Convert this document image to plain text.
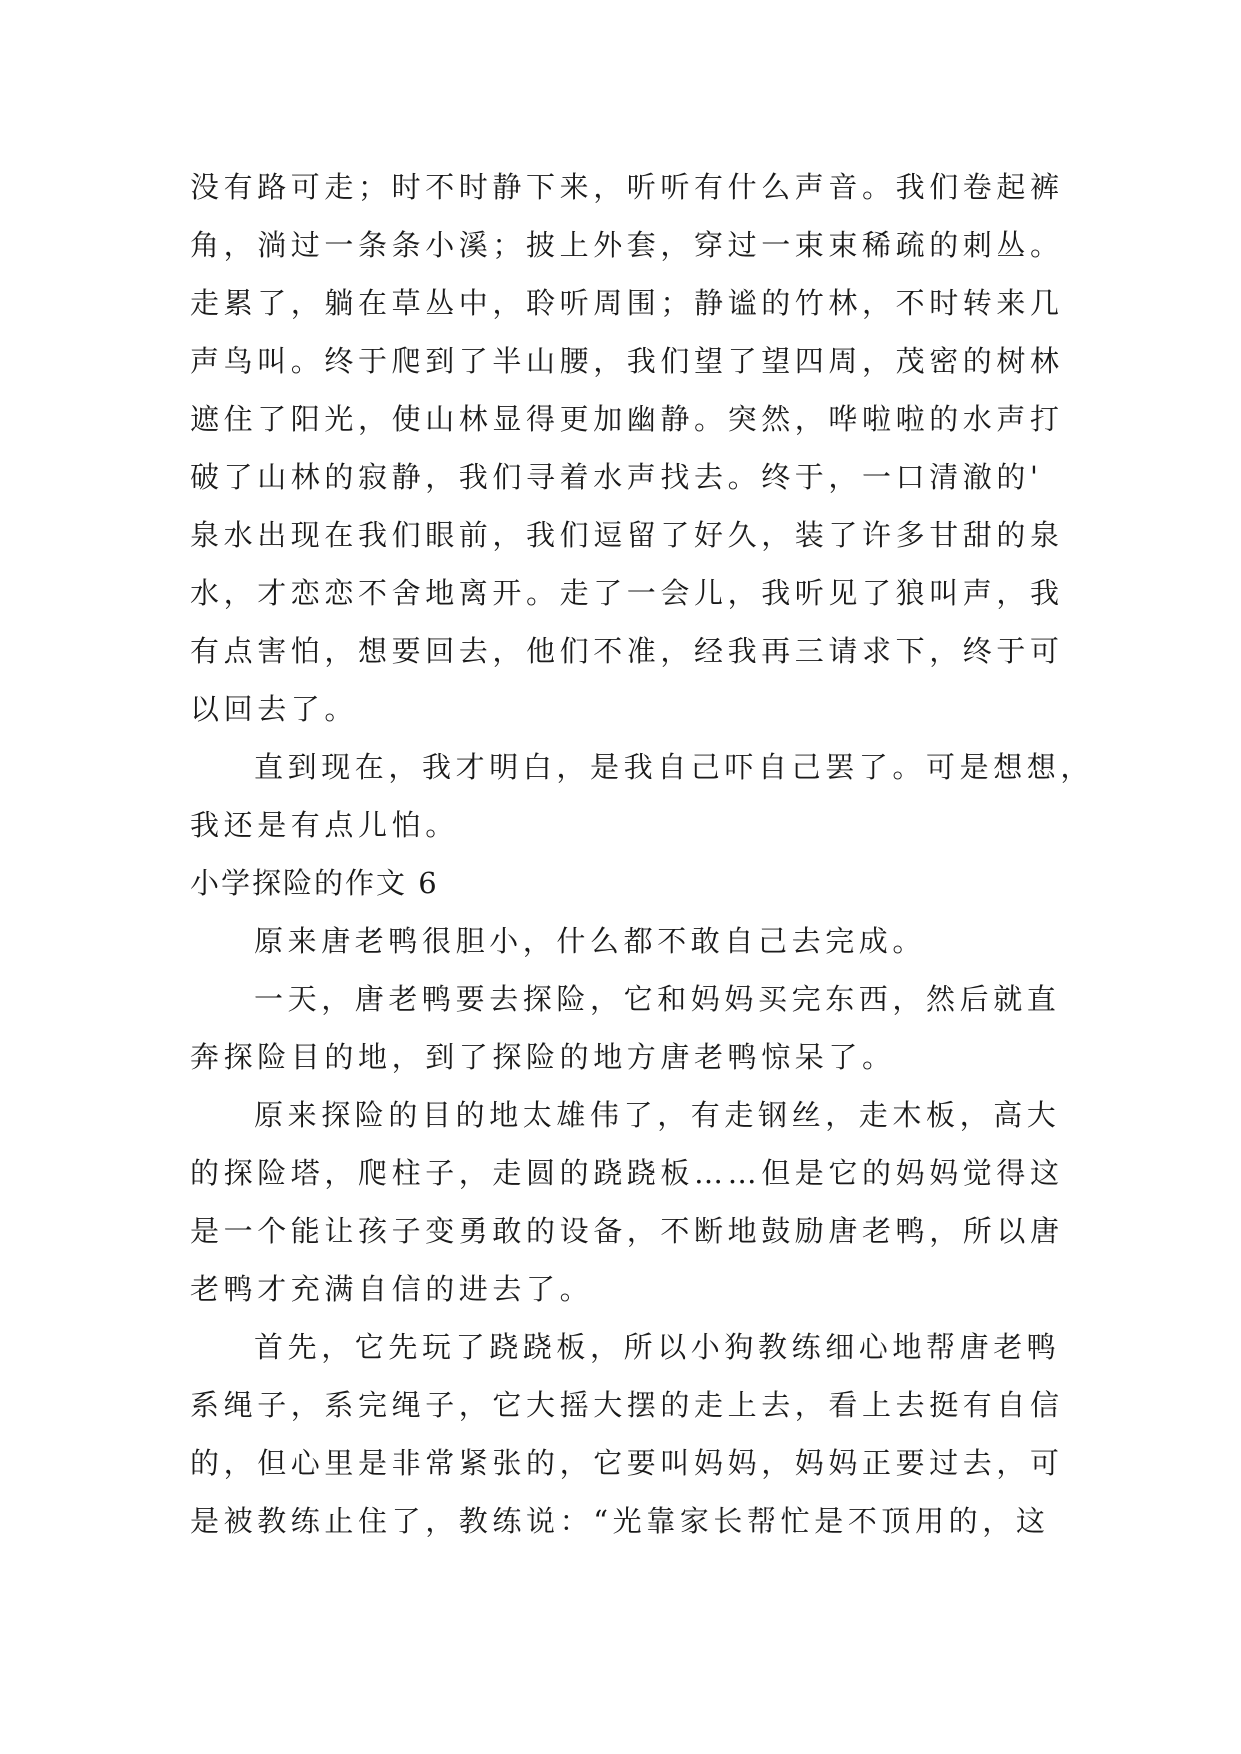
没有路可走；时不时静下来，听听有什么声音。我们卷起裤
角，淌过一条条小溪；披上外套，穿过一束束稀疏的刺丛。
走累了，躺在草丛中，聆听周围；静谧的竹林，不时转来几
声鸟叫。终于爬到了半山腰，我们望了望四周，茂密的树林
遮住了阳光，使山林显得更加幽静。突然，哗啦啦的水声打
破了山林的寂静，我们寻着水声找去。终于，一口清澈的'
泉水出现在我们眼前，我们逗留了好久，装了许多甘甜的泉
水，才恋恋不舍地离开。走了一会儿，我听见了狼叫声，我
有点害怕，想要回去，他们不准，经我再三请求下，终于可
以回去了。
直到现在，我才明白，是我自己吓自己罢了。可是想想，
我还是有点儿怕。
小学探险的作文 6
原来唐老鸭很胆小，什么都不敢自己去完成。
一天，唐老鸭要去探险，它和妈妈买完东西，然后就直
奔探险目的地，到了探险的地方唐老鸭惊呆了。
原来探险的目的地太雄伟了，有走钢丝，走木板，高大
的探险塔，爬柱子，走圆的跷跷板……但是它的妈妈觉得这
是一个能让孩子变勇敢的设备，不断地鼓励唐老鸭，所以唐
老鸭才充满自信的进去了。
首先，它先玩了跷跷板，所以小狗教练细心地帮唐老鸭
系绳子，系完绳子，它大摇大摆的走上去，看上去挺有自信
的，但心里是非常紧张的，它要叫妈妈，妈妈正要过去，可
是被教练止住了，教练说：“光靠家长帮忙是不顶用的，这
